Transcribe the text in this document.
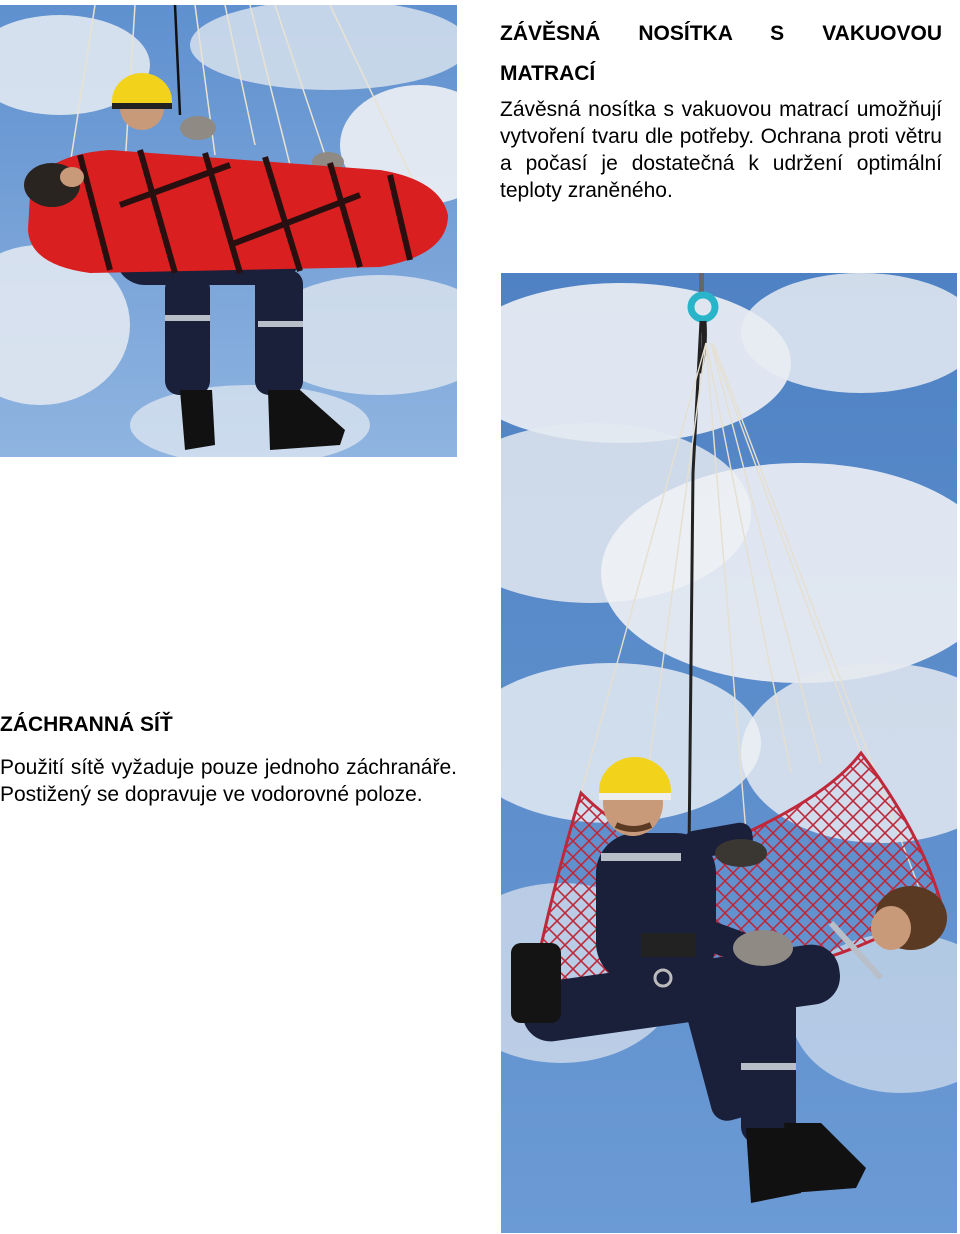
ZÁVĚSNÁ NOSÍTKA S VAKUOVOU MATRACÍ

Závěsná nosítka s vakuovou matrací umožňují vytvoření tvaru dle potřeby. Ochrana proti větru a počasí je dostatečná k udržení optimální teploty zraněného.

ZÁCHRANNÁ SÍŤ

Použití sítě vyžaduje pouze jednoho záchranáře. Postižený se dopravuje ve vodorovné poloze.
